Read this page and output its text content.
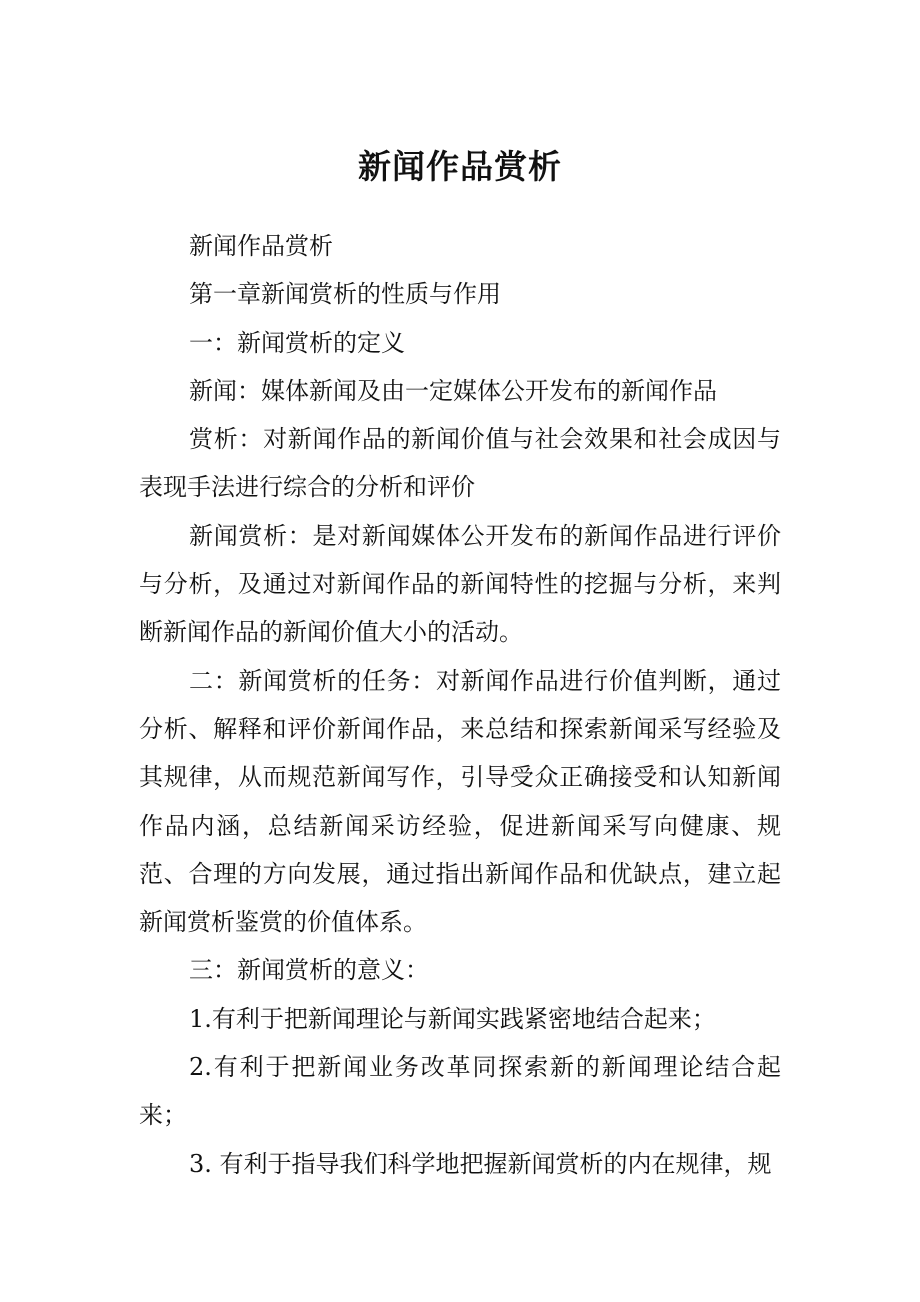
新闻作品赏析

新闻作品赏析

第一章新闻赏析的性质与作用

一：新闻赏析的定义

新闻：媒体新闻及由一定媒体公开发布的新闻作品

赏析：对新闻作品的新闻价值与社会效果和社会成因与表现手法进行综合的分析和评价

新闻赏析：是对新闻媒体公开发布的新闻作品进行评价与分析，及通过对新闻作品的新闻特性的挖掘与分析，来判断新闻作品的新闻价值大小的活动。

二：新闻赏析的任务：对新闻作品进行价值判断，通过分析、解释和评价新闻作品，来总结和探索新闻采写经验及其规律，从而规范新闻写作，引导受众正确接受和认知新闻作品内涵，总结新闻采访经验，促进新闻采写向健康、规范、合理的方向发展，通过指出新闻作品和优缺点，建立起新闻赏析鉴赏的价值体系。

三：新闻赏析的意义：

1.有利于把新闻理论与新闻实践紧密地结合起来；

2.有利于把新闻业务改革同探索新的新闻理论结合起来；

3. 有利于指导我们科学地把握新闻赏析的内在规律，规
